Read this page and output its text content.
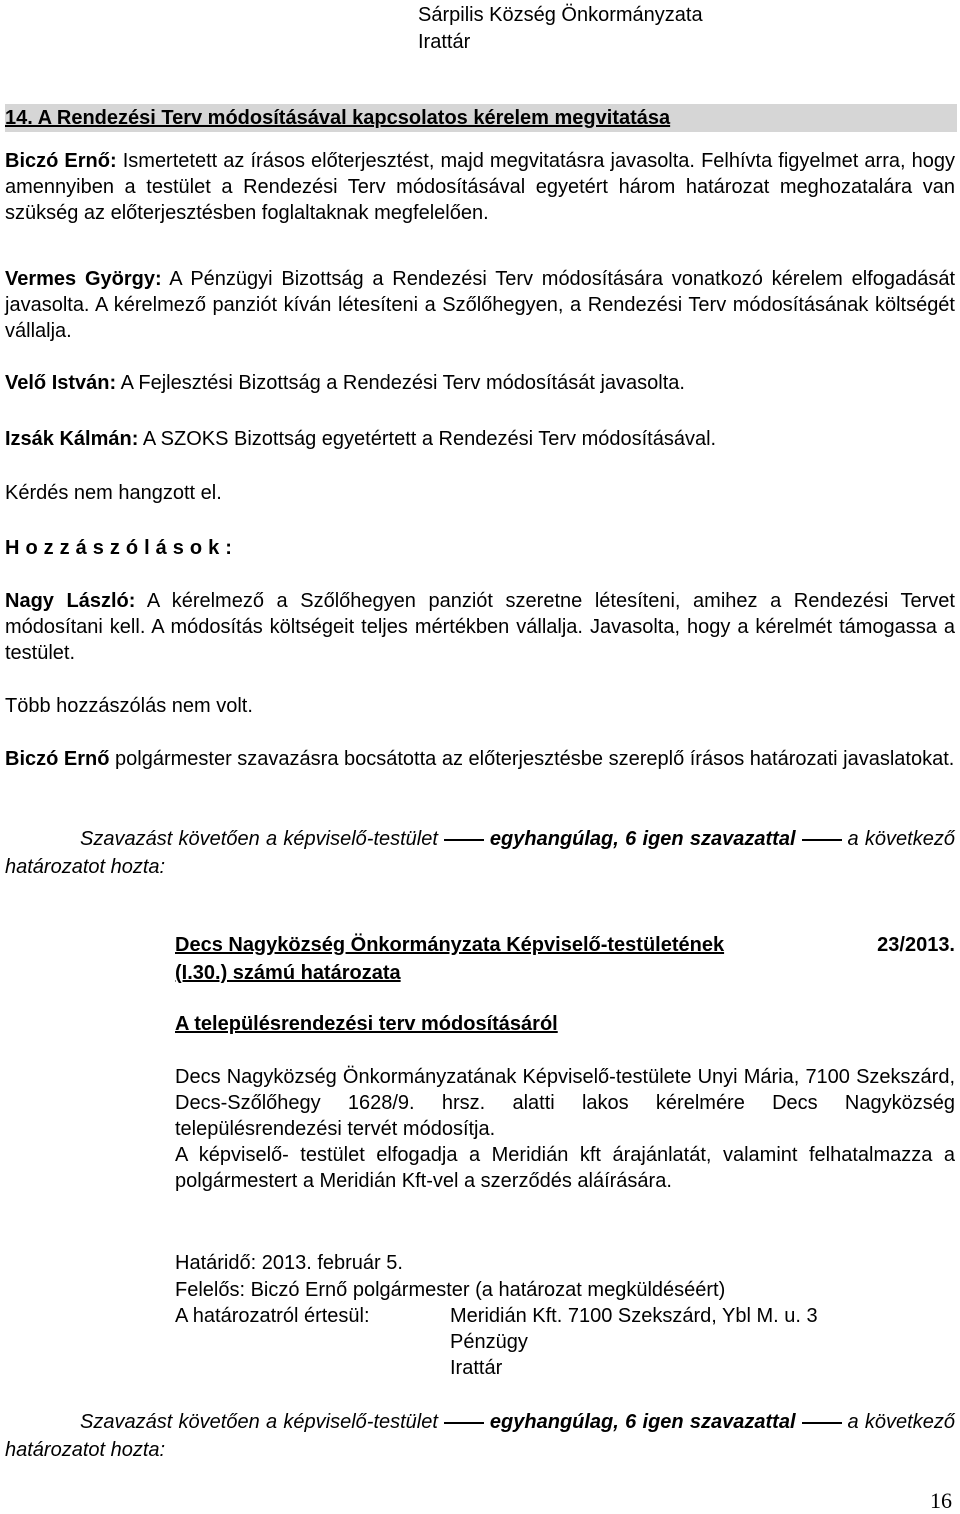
Sárpilis Község Önkormányzata
Irattár
14. A Rendezési Terv módosításával kapcsolatos kérelem megvitatása
Biczó Ernő: Ismertetett az írásos előterjesztést, majd megvitatásra javasolta. Felhívta figyelmet arra, hogy amennyiben a testület a Rendezési Terv módosításával egyetért három határozat meghozatalára van szükség az előterjesztésben foglaltaknak megfelelően.
Vermes György: A Pénzügyi Bizottság a Rendezési Terv módosítására vonatkozó kérelem elfogadását javasolta. A kérelmező panziót kíván létesíteni a Szőlőhegyen, a Rendezési Terv módosításának költségét vállalja.
Velő István: A Fejlesztési Bizottság a Rendezési Terv módosítását javasolta.
Izsák Kálmán: A SZOKS Bizottság egyetértett a Rendezési Terv módosításával.
Kérdés nem hangzott el.
Hozzászólások:
Nagy László: A kérelmező a Szőlőhegyen panziót szeretne létesíteni, amihez a Rendezési Tervet módosítani kell. A módosítás költségeit teljes mértékben vállalja. Javasolta, hogy a kérelmét támogassa a testület.
Több hozzászólás nem volt.
Biczó Ernő polgármester szavazásra bocsátotta az előterjesztésbe szereplő írásos határozati javaslatokat.
Szavazást követően a képviselő-testület	egyhangúlag, 6 igen szavazattal	a következő határozatot hozta:
23/2013.
Decs Nagyközség Önkormányzata Képviselő-testületének
(I.30.) számú határozata
A településrendezési terv módosításáról
Decs Nagyközség Önkormányzatának Képviselő-testülete Unyi Mária, 7100 Szekszárd, Decs-Szőlőhegy 1628/9. hrsz. alatti lakos kérelmére Decs Nagyközség településrendezési tervét módosítja.
A képviselő- testület elfogadja a Meridián kft árajánlatát, valamint felhatalmazza a polgármestert a Meridián Kft-vel a szerződés aláírására.
Határidő: 2013. február 5.
Felelős: Biczó Ernő polgármester (a határozat megküldéséért)
A határozatról értesül:	Meridián Kft. 7100 Szekszárd, Ybl M. u. 3
Pénzügy
Irattár
Szavazást követően a képviselő-testület	egyhangúlag, 6 igen szavazattal	a következő határozatot hozta:
16
